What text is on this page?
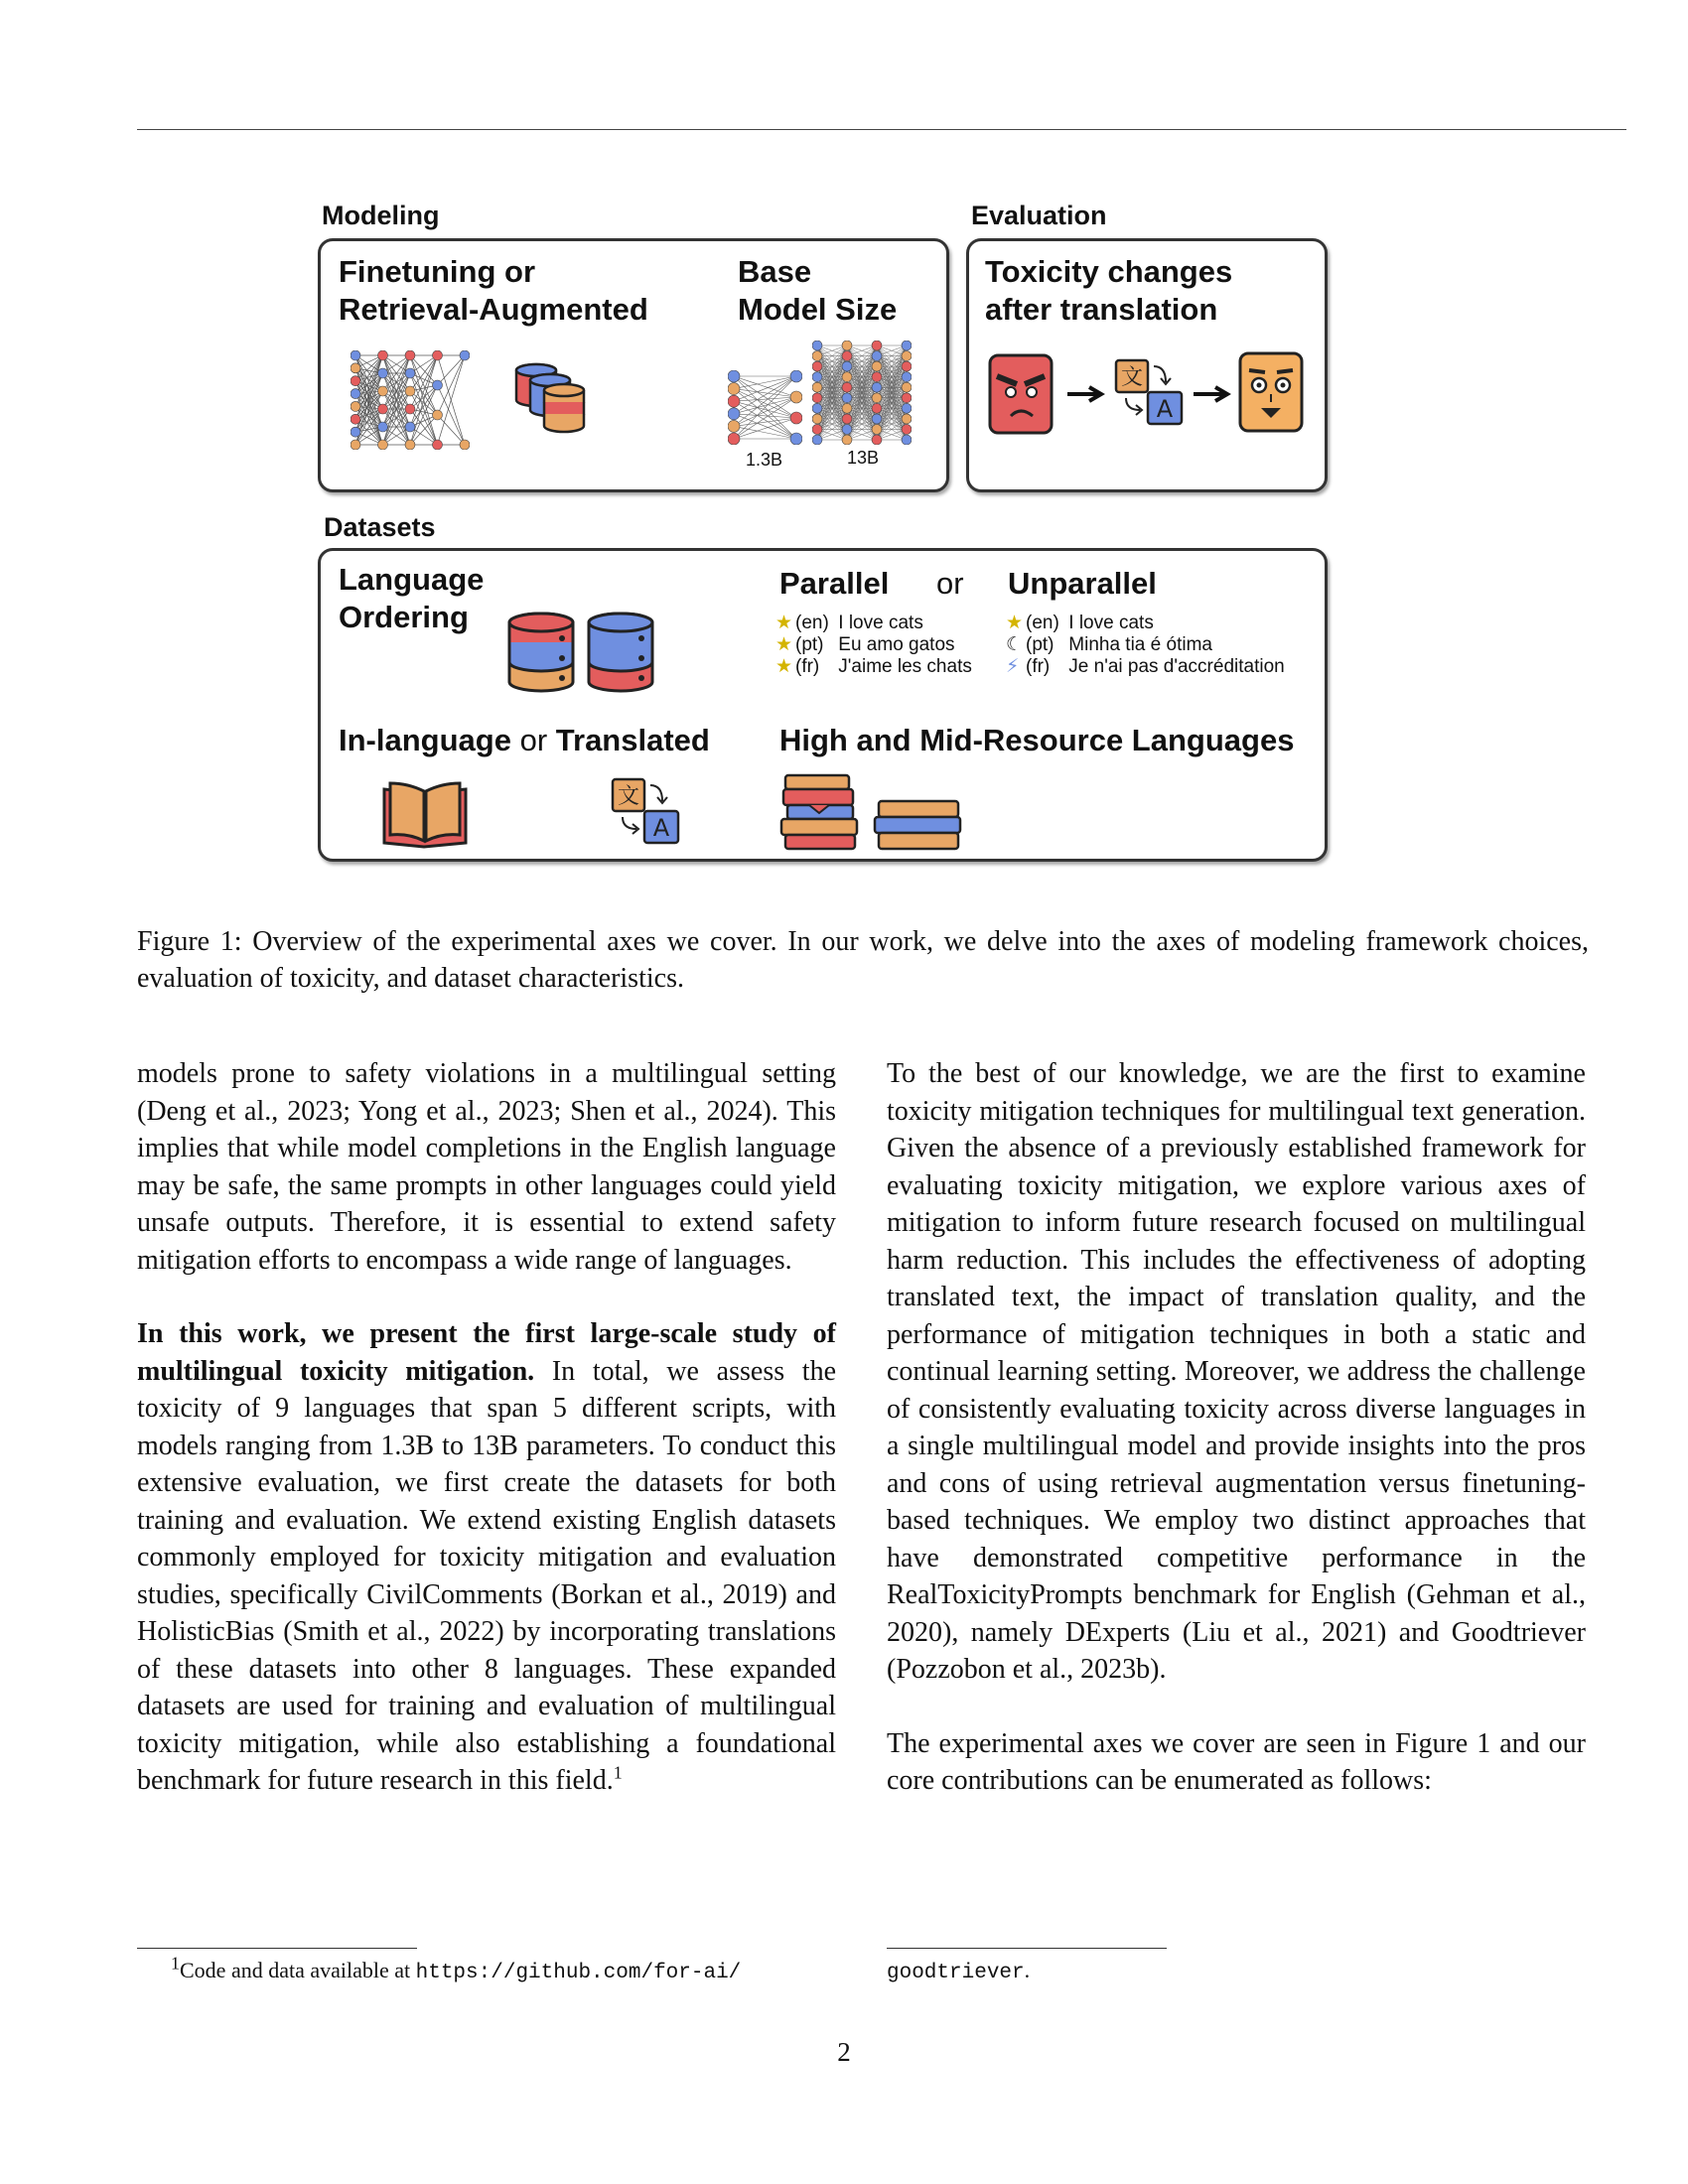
Modeling	Evaluation
Finetuning or
Retrieval-Augmented
Base
Model Size
1.3B	13B
Toxicity changes
after translation
文
A
Datasets
Language
Ordering
Parallel or Unparallel
★ (en) I love cats
★ (pt) Eu amo gatos
★ (fr) J'aime les chats
★ (en) I love cats
☾ (pt) Minha tia é ótima
⚡ (fr) Je n'ai pas d'accréditation
In-language or Translated High and Mid-Resource Languages
文
A
Figure 1: Overview of the experimental axes we cover. In our work, we delve into the axes of modeling framework choices, evaluation of toxicity, and dataset characteristics.

models prone to safety violations in a multilingual setting (Deng et al., 2023; Yong et al., 2023; Shen et al., 2024). This implies that while model completions in the English language may be safe, the same prompts in other languages could yield unsafe outputs. Therefore, it is essential to extend safety mitigation efforts to encompass a wide range of languages.

In this work, we present the first large-scale study of multilingual toxicity mitigation. In total, we assess the toxicity of 9 languages that span 5 different scripts, with models ranging from 1.3B to 13B parameters. To conduct this extensive evaluation, we first create the datasets for both training and evaluation. We extend existing English datasets commonly employed for toxicity mitigation and evaluation studies, specifically CivilComments (Borkan et al., 2019) and HolisticBias (Smith et al., 2022) by incorporating translations of these datasets into other 8 languages. These expanded datasets are used for training and evaluation of multilingual toxicity mitigation, while also establishing a foundational benchmark for future research in this field.$^1$

To the best of our knowledge, we are the first to examine toxicity mitigation techniques for multilingual text generation. Given the absence of a previously established framework for evaluating toxicity mitigation, we explore various axes of mitigation to inform future research focused on multilingual harm reduction. This includes the effectiveness of adopting translated text, the impact of translation quality, and the performance of mitigation techniques in both a static and continual learning setting. Moreover, we address the challenge of consistently evaluating toxicity across diverse languages in a single multilingual model and provide insights into the pros and cons of using retrieval augmentation versus finetuning-based techniques. We employ two distinct approaches that have demonstrated competitive performance in the RealToxicityPrompts benchmark for English (Gehman et al., 2020), namely DExperts (Liu et al., 2021) and Goodtriever (Pozzobon et al., 2023b).

The experimental axes we cover are seen in Figure 1 and our core contributions can be enumerated as follows:

$^1$Code and data available at https://github.com/for-ai/	goodtriever.
2
